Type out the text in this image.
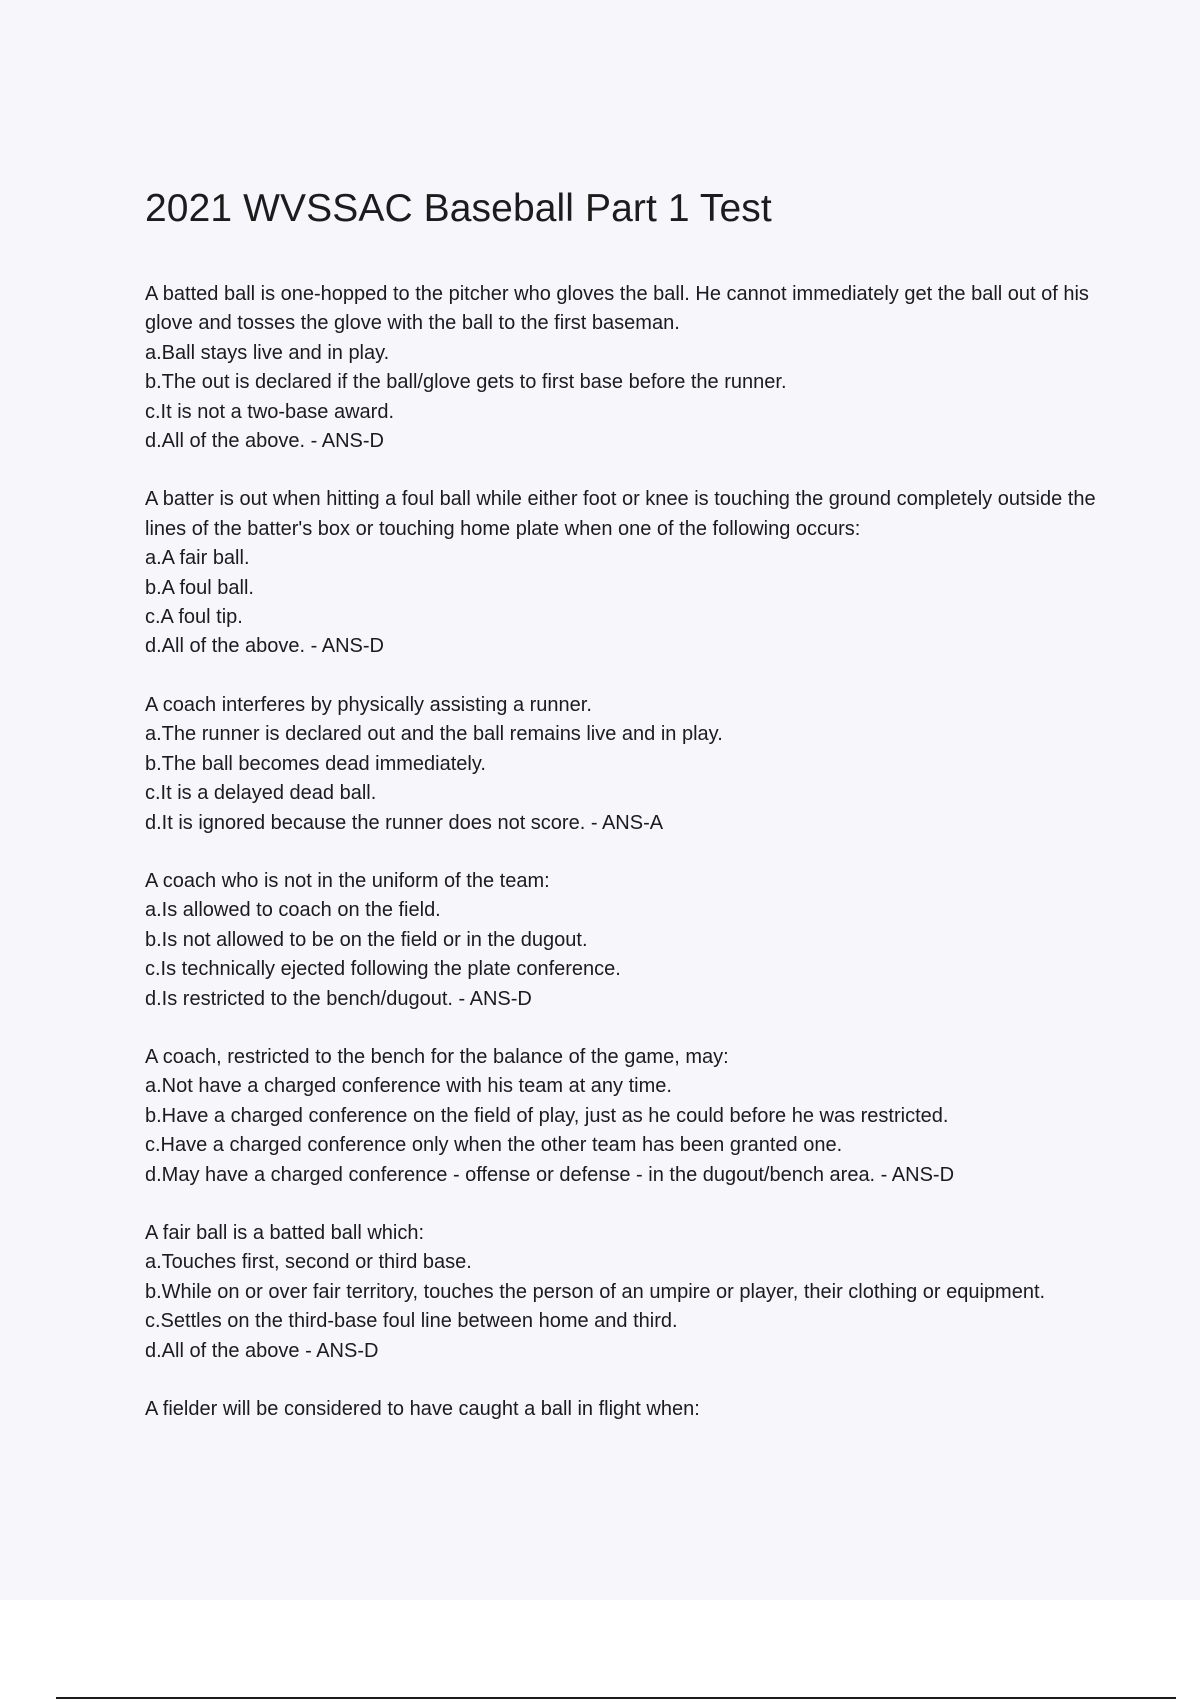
2021 WVSSAC Baseball Part 1 Test

A batted ball is one-hopped to the pitcher who gloves the ball. He cannot immediately get the ball out of his glove and tosses the glove with the ball to the first baseman.

a.Ball stays live and in play.

b.The out is declared if the ball/glove gets to first base before the runner.

c.It is not a two-base award.

d.All of the above. - ANS-D

A batter is out when hitting a foul ball while either foot or knee is touching the ground completely outside the lines of the batter's box or touching home plate when one of the following occurs:

a.A fair ball.

b.A foul ball.

c.A foul tip.

d.All of the above. - ANS-D

A coach interferes by physically assisting a runner.

a.The runner is declared out and the ball remains live and in play.

b.The ball becomes dead immediately.

c.It is a delayed dead ball.

d.It is ignored because the runner does not score. - ANS-A

A coach who is not in the uniform of the team:

a.Is allowed to coach on the field.

b.Is not allowed to be on the field or in the dugout.

c.Is technically ejected following the plate conference.

d.Is restricted to the bench/dugout. - ANS-D

A coach, restricted to the bench for the balance of the game, may:

a.Not have a charged conference with his team at any time.

b.Have a charged conference on the field of play, just as he could before he was restricted.

c.Have a charged conference only when the other team has been granted one.

d.May have a charged conference - offense or defense - in the dugout/bench area. - ANS-D

A fair ball is a batted ball which:

a.Touches first, second or third base.

b.While on or over fair territory, touches the person of an umpire or player, their clothing or equipment.

c.Settles on the third-base foul line between home and third.

d.All of the above - ANS-D

A fielder will be considered to have caught a ball in flight when:
